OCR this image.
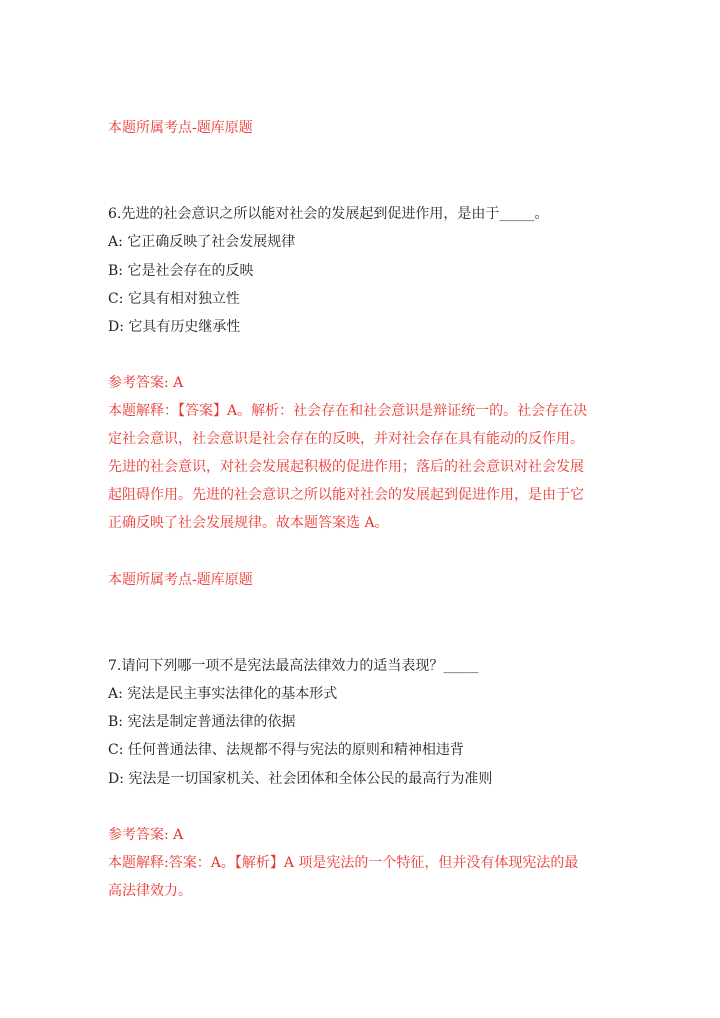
本题所属考点-题库原题
6.先进的社会意识之所以能对社会的发展起到促进作用，是由于_____。
A: 它正确反映了社会发展规律
B: 它是社会存在的反映
C: 它具有相对独立性
D: 它具有历史继承性
参考答案: A
本题解释：【答案】A。解析：社会存在和社会意识是辩证统一的。社会存在决
定社会意识，社会意识是社会存在的反映，并对社会存在具有能动的反作用。
先进的社会意识，对社会发展起积极的促进作用；落后的社会意识对社会发展
起阻碍作用。先进的社会意识之所以能对社会的发展起到促进作用，是由于它
正确反映了社会发展规律。故本题答案选 A。
本题所属考点-题库原题
7.请问下列哪一项不是宪法最高法律效力的适当表现？_____
A: 宪法是民主事实法律化的基本形式
B: 宪法是制定普通法律的依据
C: 任何普通法律、法规都不得与宪法的原则和精神相违背
D: 宪法是一切国家机关、社会团体和全体公民的最高行为准则
参考答案: A
本题解释:答案：A。【解析】A 项是宪法的一个特征，但并没有体现宪法的最
高法律效力。
